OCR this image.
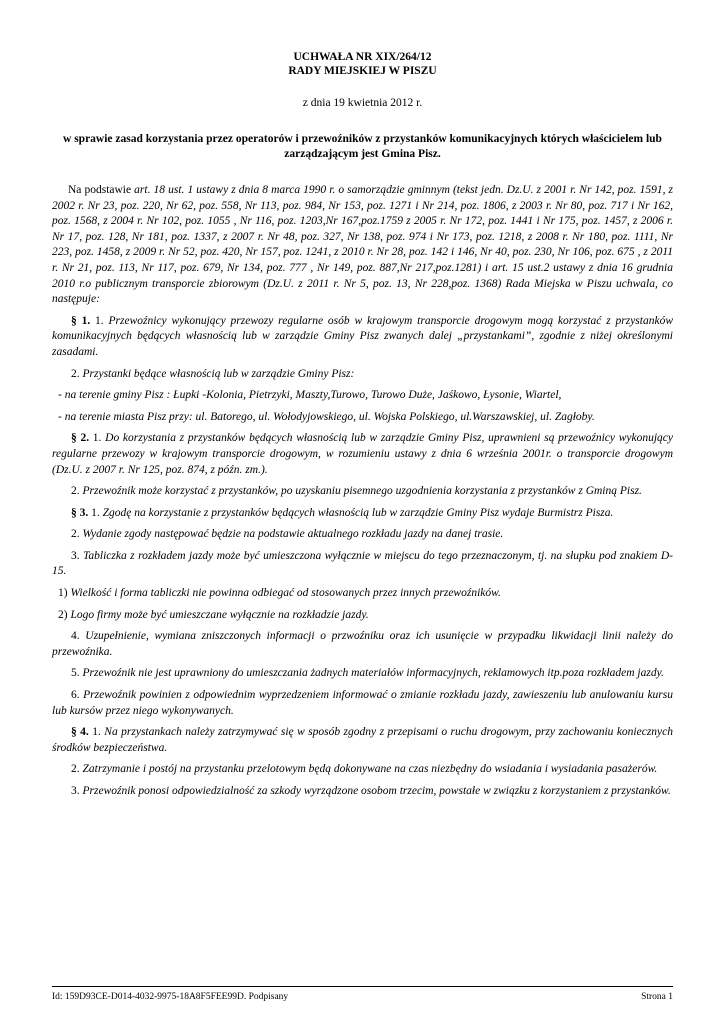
UCHWAŁA NR XIX/264/12
RADY MIEJSKIEJ W PISZU
z dnia 19 kwietnia 2012 r.
w sprawie zasad korzystania przez operatorów i przewoźników z przystanków komunikacyjnych których właścicielem lub zarządzającym jest Gmina Pisz.
Na podstawie art. 18 ust. 1 ustawy z dnia 8 marca 1990 r. o samorządzie gminnym (tekst jedn. Dz.U. z 2001 r. Nr 142, poz. 1591, z 2002 r. Nr 23, poz. 220, Nr 62, poz. 558, Nr 113, poz. 984, Nr 153, poz. 1271 i Nr 214, poz. 1806, z 2003 r. Nr 80, poz. 717 i Nr 162, poz. 1568, z 2004 r. Nr 102, poz. 1055 , Nr 116, poz. 1203,Nr 167,poz.1759 z 2005 r. Nr 172, poz. 1441 i Nr 175, poz. 1457, z 2006 r. Nr 17, poz. 128, Nr 181, poz. 1337, z 2007 r. Nr 48, poz. 327, Nr 138, poz. 974 i Nr 173, poz. 1218, z 2008 r. Nr 180, poz. 1111, Nr 223, poz. 1458, z 2009 r. Nr 52, poz. 420, Nr 157, poz. 1241, z 2010 r. Nr 28, poz. 142 i 146, Nr 40, poz. 230, Nr 106, poz. 675 , z 2011 r. Nr 21, poz. 113, Nr 117, poz. 679, Nr 134, poz. 777 , Nr 149, poz. 887,Nr 217,poz.1281) i art. 15 ust.2 ustawy z dnia 16 grudnia 2010 r.o publicznym transporcie zbiorowym (Dz.U. z 2011 r. Nr 5, poz. 13, Nr 228,poz. 1368) Rada Miejska w Piszu uchwala, co następuje:
§ 1. 1. Przewoźnicy wykonujący przewozy regularne osób w krajowym transporcie drogowym mogą korzystać z przystanków komunikacyjnych będących własnością lub w zarządzie Gminy Pisz zwanych dalej „przystankami”, zgodnie z niżej określonymi zasadami.
2. Przystanki będące własnością lub w zarządzie Gminy Pisz:
- na terenie gminy Pisz : Łupki -Kolonia, Pietrzyki, Maszty,Turowo, Turowo Duże, Jaśkowo, Łysonie, Wiartel,
- na terenie miasta Pisz przy: ul. Batorego, ul. Wołodyjowskiego, ul. Wojska Polskiego, ul.Warszawskiej, ul. Zagłoby.
§ 2. 1. Do korzystania z przystanków będących własnością lub w zarządzie Gminy Pisz, uprawnieni są przewoźnicy wykonujący regularne przewozy w krajowym transporcie drogowym, w rozumieniu ustawy z dnia 6 września 2001r. o transporcie drogowym (Dz.U. z 2007 r. Nr 125, poz. 874, z późn. zm.).
2. Przewoźnik może korzystać z przystanków, po uzyskaniu pisemnego uzgodnienia korzystania z przystanków z Gminą Pisz.
§ 3. 1. Zgodę na korzystanie z przystanków będących własnością lub w zarządzie Gminy Pisz wydaje Burmistrz Pisza.
2. Wydanie zgody następować będzie na podstawie aktualnego rozkładu jazdy na danej trasie.
3. Tabliczka z rozkładem jazdy może być umieszczona wyłącznie w miejscu do tego przeznaczonym, tj. na słupku pod znakiem D-15.
1) Wielkość i forma tabliczki nie powinna odbiegać od stosowanych przez innych przewoźników.
2) Logo firmy może być umieszczane wyłącznie na rozkładzie jazdy.
4. Uzupełnienie, wymiana zniszczonych informacji o przwoźniku oraz ich usunięcie w przypadku likwidacji linii należy do przewoźnika.
5. Przewoźnik nie jest uprawniony do umieszczania żadnych materiałów informacyjnych, reklamowych itp.poza rozkładem jazdy.
6. Przewoźnik powinien z odpowiednim wyprzedzeniem informować o zmianie rozkładu jazdy, zawieszeniu lub anulowaniu kursu lub kursów przez niego wykonywanych.
§ 4. 1. Na przystankach należy zatrzymywać się w sposób zgodny z przepisami o ruchu drogowym, przy zachowaniu koniecznych środków bezpieczeństwa.
2. Zatrzymanie i postój na przystanku przelotowym będą dokonywane na czas niezbędny do wsiadania i wysiadania pasażerów.
3. Przewoźnik ponosi odpowiedzialność za szkody wyrządzone osobom trzecim, powstałe w związku z korzystaniem z przystanków.
Id: 159D93CE-D014-4032-9975-18A8F5FEE99D. Podpisany	Strona 1
